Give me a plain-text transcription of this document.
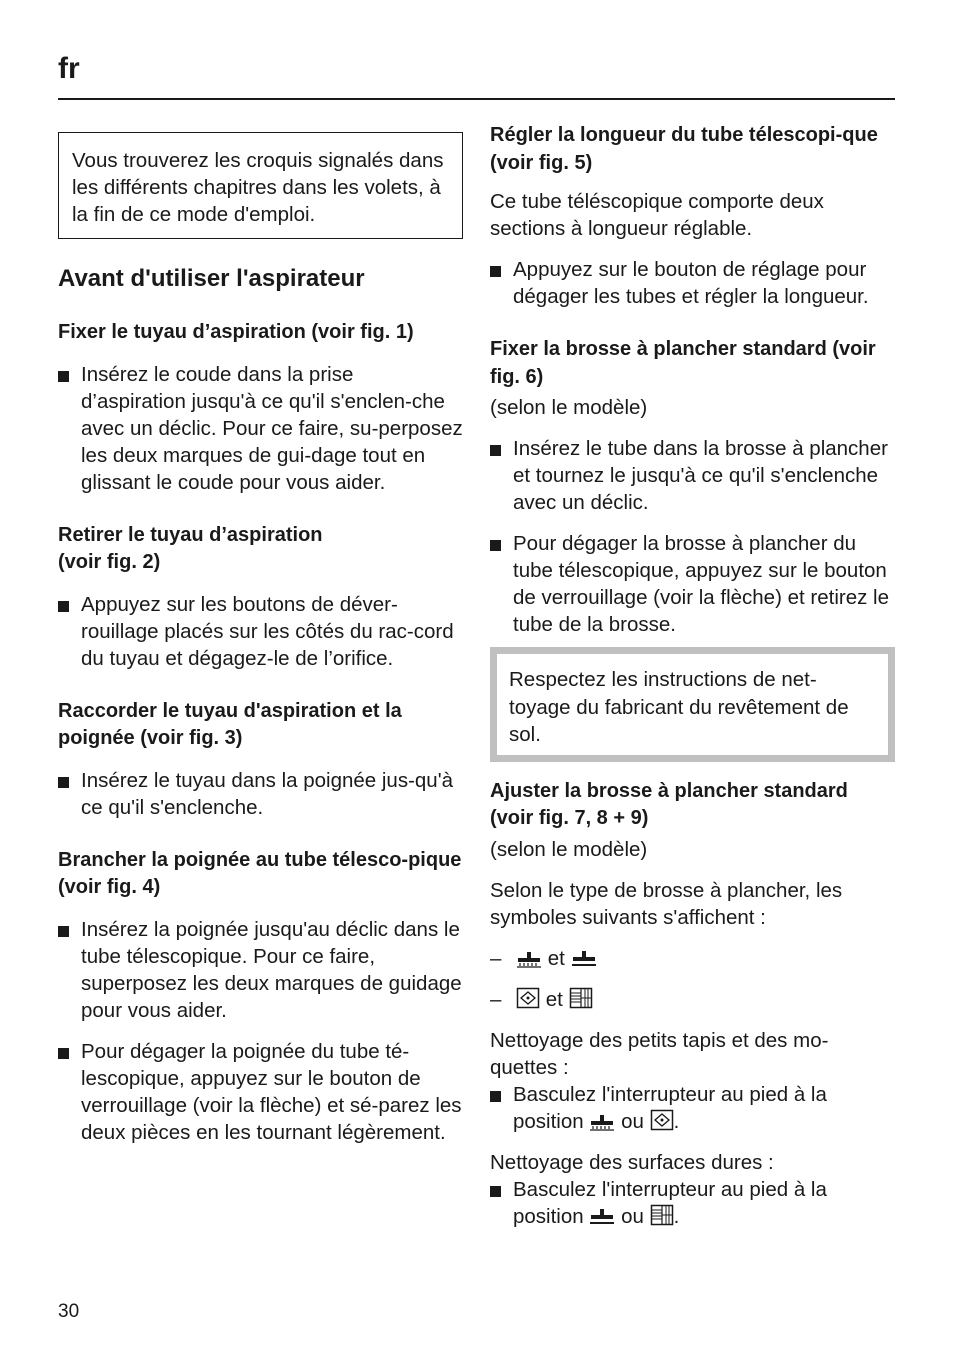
fr
Vous trouverez les croquis signalés dans les différents chapitres dans les volets, à la fin de ce mode d'emploi.
Avant d'utiliser l'aspirateur
Fixer le tuyau d’aspiration (voir fig. 1)
Insérez le coude dans la prise d’aspiration jusqu'à ce qu'il s'enclen-che avec un déclic. Pour ce faire, su-perposez les deux marques de gui-dage tout en glissant le coude pour vous aider.
Retirer le tuyau d’aspiration (voir fig. 2)
Appuyez sur les boutons de déver-rouillage placés sur les côtés du rac-cord du tuyau et dégagez-le de l’orifice.
Raccorder le tuyau d'aspiration et la poignée (voir fig. 3)
Insérez le tuyau dans la poignée jus-qu'à ce qu'il s'enclenche.
Brancher la poignée au tube télesco-pique (voir fig. 4)
Insérez la poignée jusqu'au déclic dans le tube télescopique. Pour ce faire, superposez les deux marques de guidage pour vous aider.
Pour dégager la poignée du tube té-lescopique, appuyez sur le bouton de verrouillage (voir la flèche) et sé-parez les deux pièces en les tournant légèrement.
Régler la longueur du tube télescopi-que (voir fig. 5)

Ce tube téléscopique comporte deux sections à longueur réglable.

Appuyez sur le bouton de réglage pour dégager les tubes et régler la longueur.
Fixer la brosse à plancher standard (voir fig. 6)

(selon le modèle)

Insérez le tube dans la brosse à plancher et tournez le jusqu'à ce qu'il s'enclenche avec un déclic.
Pour dégager la brosse à plancher du tube télescopique, appuyez sur le bouton de verrouillage (voir la flèche) et retirez le tube de la brosse.
Respectez les instructions de net-toyage du fabricant du revêtement de sol.
Ajuster la brosse à plancher standard (voir fig. 7, 8 + 9)

(selon le modèle)

Selon le type de brosse à plancher, les symboles suivants s'affichent :

– et
– et

Nettoyage des petits tapis et des mo-quettes :

Basculez l'interrupteur au pied à la position ou .

Nettoyage des surfaces dures :

Basculez l'interrupteur au pied à la position ou .
30
